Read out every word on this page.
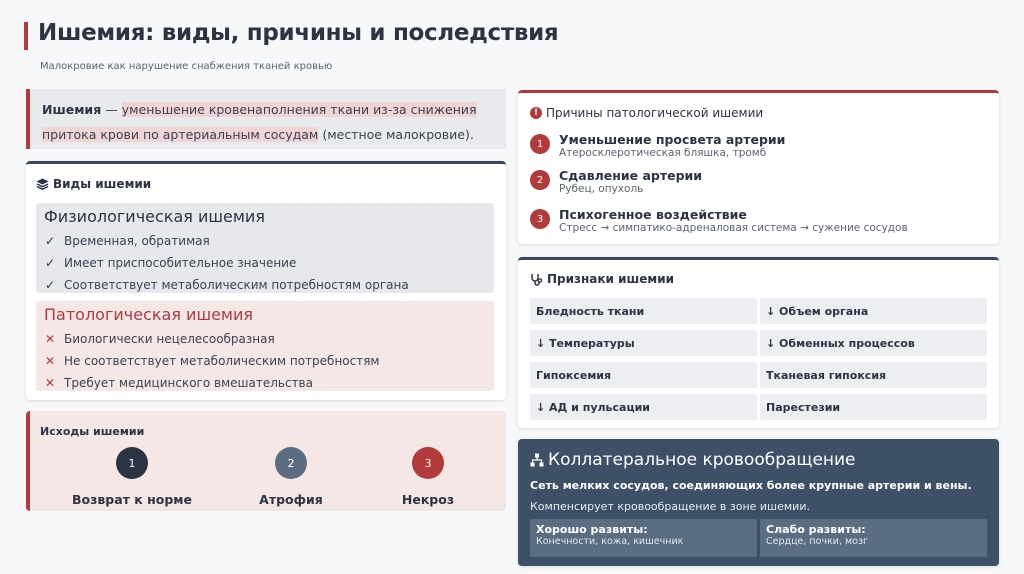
Ишемия: виды, причины и последствия
Малокровие как нарушение снабжения тканей кровью
Ишемия — уменьшение кровенаполнения ткани из-за снижения притока крови по артериальным сосудам (местное малокровие).
Виды ишемии
Физиологическая ишемия
✓ Временная, обратимая
✓ Имеет приспособительное значение
✓ Соответствует метаболическим потребностям органа
Патологическая ишемия
✕ Биологически нецелесообразная
✕ Не соответствует метаболическим потребностям
✕ Требует медицинского вмешательства
Исходы ишемии
1
Возврат к норме
2
Атрофия
3
Некроз
! Причины патологической ишемии
1	Уменьшение просвета артерии
Атеросклеротическая бляшка, тромб
2	Сдавление артерии
Рубец, опухоль
3	Психогенное воздействие
Стресс → симпатико-адреналовая система → сужение сосудов
Признаки ишемии
Бледность ткани	↓ Объем органа
↓ Температуры	↓ Обменных процессов
Гипоксемия	Тканевая гипоксия
↓ АД и пульсации	Парестезии
Коллатеральное кровообращение
Сеть мелких сосудов, соединяющих более крупные артерии и вены. Компенсирует кровообращение в зоне ишемии.
Хорошо развиты:
Конечности, кожа, кишечник
Слабо развиты:
Сердце, почки, мозг
